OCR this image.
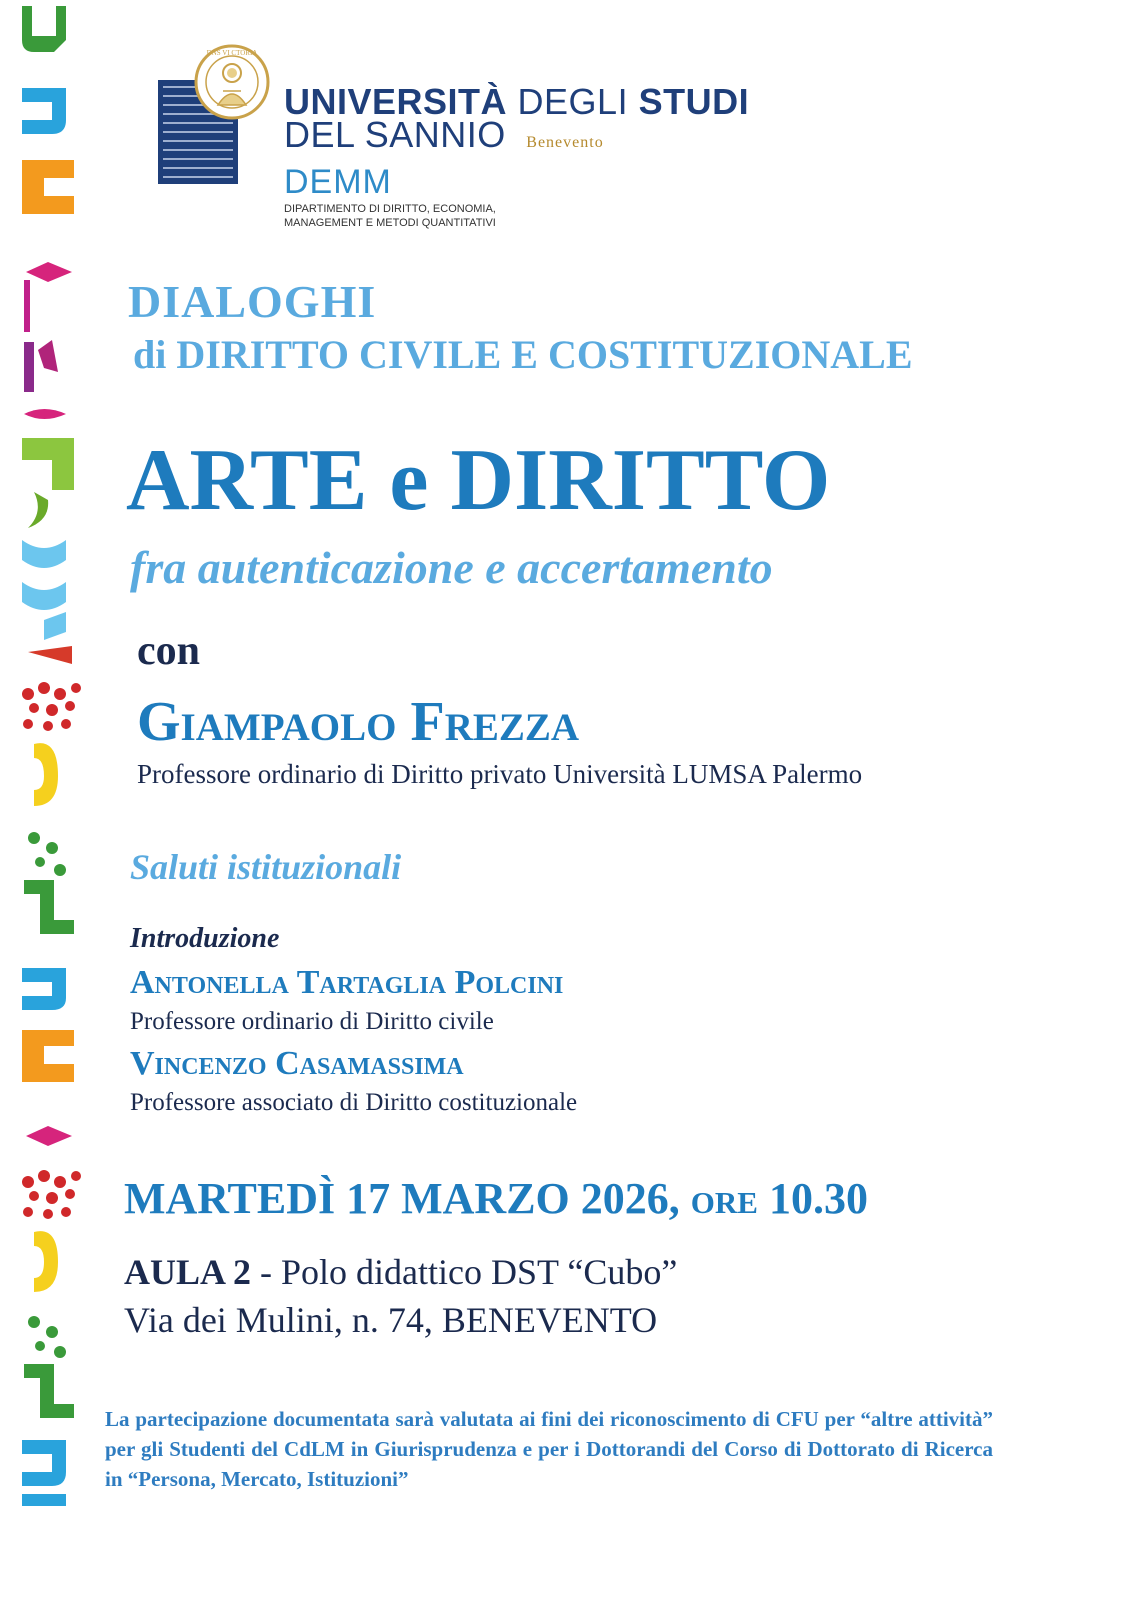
DNS VI CTORIA
UNIVERSITÀ DEGLI STUDI
DEL SANNIO Benevento
DEMM
DIPARTIMENTO DI DIRITTO, ECONOMIA,
MANAGEMENT E METODI QUANTITATIVI
DIALOGHI
di DIRITTO CIVILE E COSTITUZIONALE
ARTE e DIRITTO
fra autenticazione e accertamento
con
Giampaolo Frezza
Professore ordinario di Diritto privato Università LUMSA Palermo
Saluti istituzionali
Introduzione
Antonella Tartaglia Polcini
Professore ordinario di Diritto civile
Vincenzo Casamassima
Professore associato di Diritto costituzionale
MARTEDÌ 17 MARZO 2026, ore 10.30
AULA 2 - Polo didattico DST “Cubo”
Via dei Mulini, n. 74, BENEVENTO
La partecipazione documentata sarà valutata ai fini dei riconoscimento di CFU per “altre attività” per gli Studenti del CdLM in Giurisprudenza e per i Dottorandi del Corso di Dottorato di Ricerca in “Persona, Mercato, Istituzioni”
